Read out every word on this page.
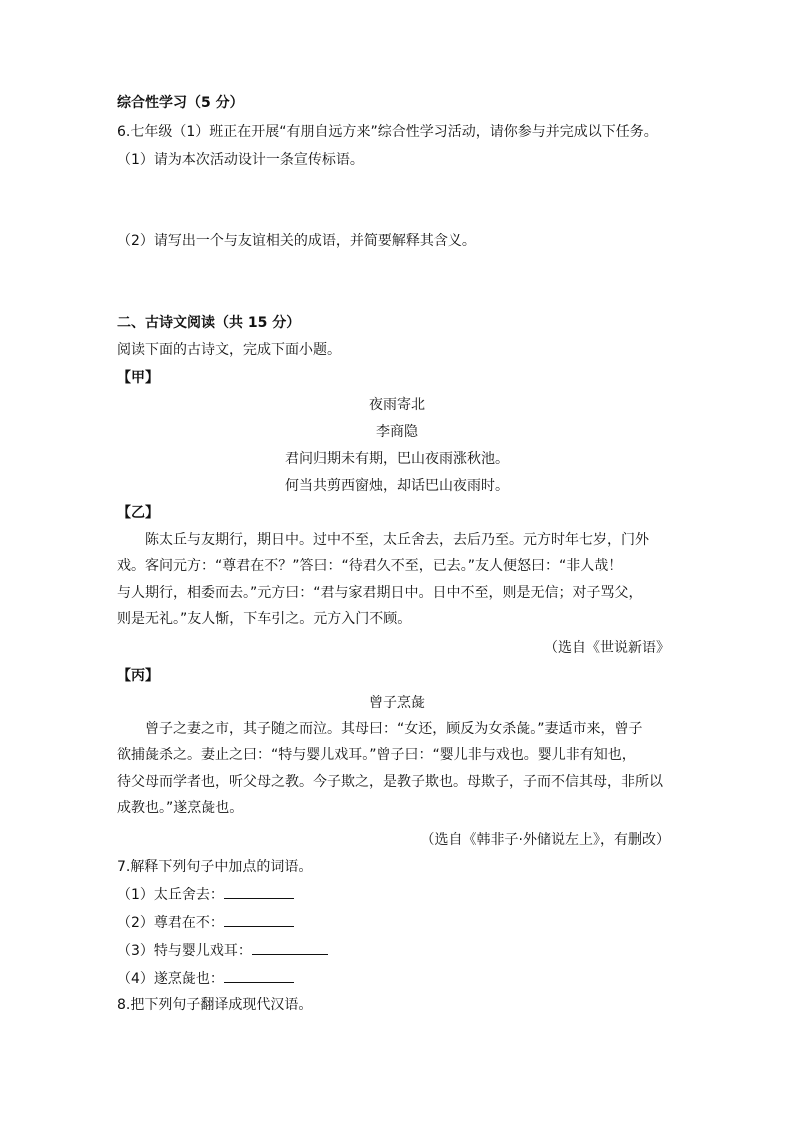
综合性学习（5 分）
6.七年级（1）班正在开展“有朋自远方来”综合性学习活动，请你参与并完成以下任务。
（1）请为本次活动设计一条宣传标语。
（2）请写出一个与友谊相关的成语，并简要解释其含义。
二、古诗文阅读（共 15 分）
阅读下面的古诗文，完成下面小题。
【甲】
夜雨寄北
李商隐
君问归期未有期，巴山夜雨涨秋池。
何当共剪西窗烛，却话巴山夜雨时。
【乙】
陈太丘与友期行，期日中。过中不至，太丘舍去，去后乃至。元方时年七岁，门外
戏。客问元方：“尊君在不？”答曰：“待君久不至，已去。”友人便怒曰：“非人哉！
与人期行，相委而去。”元方曰：“君与家君期日中。日中不至，则是无信；对子骂父，
则是无礼。”友人惭，下车引之。元方入门不顾。
（选自《世说新语》
【丙】
曾子烹彘
曾子之妻之市，其子随之而泣。其母曰：“女还，顾反为女杀彘。”妻适市来，曾子
欲捕彘杀之。妻止之曰：“特与婴儿戏耳。”曾子曰：“婴儿非与戏也。婴儿非有知也，
待父母而学者也，听父母之教。今子欺之，是教子欺也。母欺子，子而不信其母，非所以
成教也。”遂烹彘也。
（选自《韩非子·外储说左上》，有删改）
7.解释下列句子中加点的词语。
（1）太丘舍去：
（2）尊君在不：
（3）特与婴儿戏耳：
（4）遂烹彘也：
8.把下列句子翻译成现代汉语。
